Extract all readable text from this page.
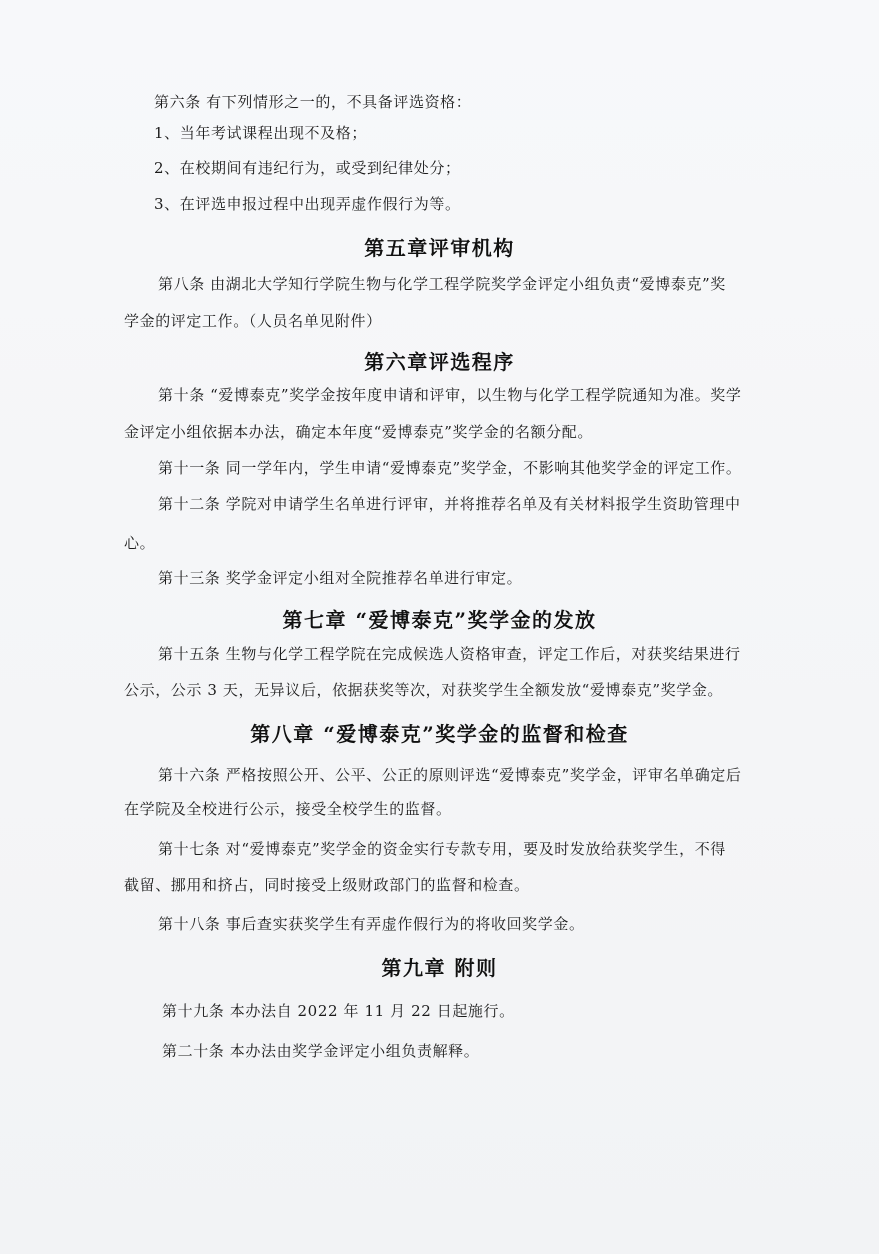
第六条 有下列情形之一的，不具备评选资格：
1、当年考试课程出现不及格；
2、在校期间有违纪行为，或受到纪律处分；
3、在评选申报过程中出现弄虚作假行为等。
第五章评审机构
第八条 由湖北大学知行学院生物与化学工程学院奖学金评定小组负责“爱博泰克”奖
学金的评定工作。（人员名单见附件）
第六章评选程序
第十条 “爱博泰克”奖学金按年度申请和评审，以生物与化学工程学院通知为准。奖学
金评定小组依据本办法，确定本年度“爱博泰克”奖学金的名额分配。
第十一条 同一学年内，学生申请“爱博泰克”奖学金，不影响其他奖学金的评定工作。
第十二条 学院对申请学生名单进行评审，并将推荐名单及有关材料报学生资助管理中
心。
第十三条 奖学金评定小组对全院推荐名单进行审定。
第七章 “爱博泰克”奖学金的发放
第十五条 生物与化学工程学院在完成候选人资格审查，评定工作后，对获奖结果进行
公示，公示 3 天，无异议后，依据获奖等次，对获奖学生全额发放“爱博泰克”奖学金。
第八章 “爱博泰克”奖学金的监督和检查
第十六条 严格按照公开、公平、公正的原则评选“爱博泰克”奖学金，评审名单确定后
在学院及全校进行公示，接受全校学生的监督。
第十七条 对“爱博泰克”奖学金的资金实行专款专用，要及时发放给获奖学生，不得
截留、挪用和挤占，同时接受上级财政部门的监督和检查。
第十八条 事后查实获奖学生有弄虚作假行为的将收回奖学金。
第九章 附则
第十九条 本办法自 2022 年 11 月 22 日起施行。
第二十条 本办法由奖学金评定小组负责解释。
